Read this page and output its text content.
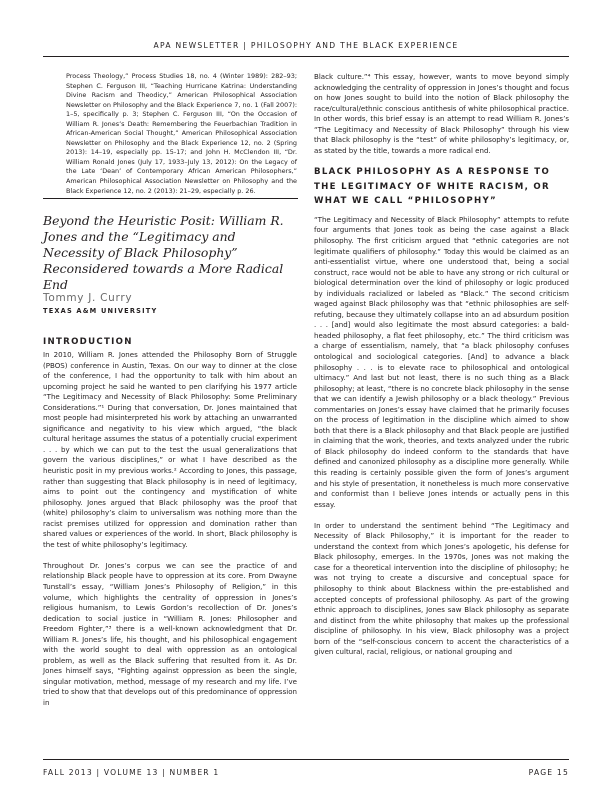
APA NEWSLETTER | PHILOSOPHY AND THE BLACK EXPERIENCE

Process Theology,” Process Studies 18, no. 4 (Winter 1989): 282–93; Stephen C. Ferguson III, “Teaching Hurricane Katrina: Understanding Divine Racism and Theodicy,” American Philosophical Association Newsletter on Philosophy and the Black Experience 7, no. 1 (Fall 2007): 1–5, specifically p. 3; Stephen C. Ferguson III, “On the Occasion of William R. Jones’s Death: Remembering the Feuerbachian Tradition in African-American Social Thought,” American Philosophical Association Newsletter on Philosophy and the Black Experience 12, no. 2 (Spring 2013): 14–19, especially pp. 15-17; and John H. McClendon III, “Dr. William Ronald Jones (July 17, 1933–July 13, 2012): On the Legacy of the Late ‘Dean’ of Contemporary African American Philosophers,” American Philosophical Association Newsletter on Philosophy and the Black Experience 12, no. 2 (2013): 21–29, especially p. 26.

Beyond the Heuristic Posit: William R. Jones and the “Legitimacy and Necessity of Black Philosophy” Reconsidered towards a More Radical End
Tommy J. Curry
TEXAS A&M UNIVERSITY
INTRODUCTION

In 2010, William R. Jones attended the Philosophy Born of Struggle (PBOS) conference in Austin, Texas. On our way to dinner at the close of the conference, I had the opportunity to talk with him about an upcoming project he said he wanted to pen clarifying his 1977 article “The Legitimacy and Necessity of Black Philosophy: Some Preliminary Considerations.”¹ During that conversation, Dr. Jones maintained that most people had misinterpreted his work by attaching an unwarranted significance and negativity to his view which argued, “the black cultural heritage assumes the status of a potentially crucial experiment . . . by which we can put to the test the usual generalizations that govern the various disciplines,” or what I have described as the heuristic posit in my previous works.² According to Jones, this passage, rather than suggesting that Black philosophy is in need of legitimacy, aims to point out the contingency and mystification of white philosophy. Jones argued that Black philosophy was the proof that (white) philosophy’s claim to universalism was nothing more than the racist premises utilized for oppression and domination rather than shared values or experiences of the world. In short, Black philosophy is the test of white philosophy’s legitimacy.

Throughout Dr. Jones’s corpus we can see the practice of and relationship Black people have to oppression at its core. From Dwayne Tunstall’s essay, “William Jones’s Philosophy of Religion,” in this volume, which highlights the centrality of oppression in Jones’s religious humanism, to Lewis Gordon’s recollection of Dr. Jones’s dedication to social justice in “William R. Jones: Philosopher and Freedom Fighter,”³ there is a well-known acknowledgment that Dr. William R. Jones’s life, his thought, and his philosophical engagement with the world sought to deal with oppression as an ontological problem, as well as the Black suffering that resulted from it. As Dr. Jones himself says, “Fighting against oppression as been the single, singular motivation, method, message of my research and my life. I’ve tried to show that that develops out of this predominance of oppression in

Black culture.”⁴ This essay, however, wants to move beyond simply acknowledging the centrality of oppression in Jones’s thought and focus on how Jones sought to build into the notion of Black philosophy the race/cultural/ethnic conscious antithesis of white philosophical practice. In other words, this brief essay is an attempt to read William R. Jones’s “The Legitimacy and Necessity of Black Philosophy” through his view that Black philosophy is the “test” of white philosophy’s legitimacy, or, as stated by the title, towards a more radical end.

BLACK PHILOSOPHY AS A RESPONSE TO THE LEGITIMACY OF WHITE RACISM, OR WHAT WE CALL “PHILOSOPHY”

“The Legitimacy and Necessity of Black Philosophy” attempts to refute four arguments that Jones took as being the case against a Black philosophy. The first criticism argued that “ethnic categories are not legitimate qualifiers of philosophy.” Today this would be claimed as an anti-essentialist virtue, where one understood that, being a social construct, race would not be able to have any strong or rich cultural or biological determination over the kind of philosophy or logic produced by individuals racialized or labeled as “Black.” The second criticism waged against Black philosophy was that “ethnic philosophies are self-refuting, because they ultimately collapse into an ad absurdum position . . . [and] would also legitimate the most absurd categories: a bald-headed philosophy, a flat feet philosophy, etc.” The third criticism was a charge of essentialism, namely, that “a black philosophy confuses ontological and sociological categories. [And] to advance a black philosophy . . . is to elevate race to philosophical and ontological ultimacy.” And last but not least, there is no such thing as a Black philosophy; at least, “there is no concrete black philosophy in the sense that we can identify a Jewish philosophy or a black theology.” Previous commentaries on Jones’s essay have claimed that he primarily focuses on the process of legitimation in the discipline which aimed to show both that there is a Black philosophy and that Black people are justified in claiming that the work, theories, and texts analyzed under the rubric of Black philosophy do indeed conform to the standards that have defined and canonized philosophy as a discipline more generally. While this reading is certainly possible given the form of Jones’s argument and his style of presentation, it nonetheless is much more conservative and conformist than I believe Jones intends or actually pens in this essay.

In order to understand the sentiment behind “The Legitimacy and Necessity of Black Philosophy,” it is important for the reader to understand the context from which Jones’s apologetic, his defense for Black philosophy, emerges. In the 1970s, Jones was not making the case for a theoretical intervention into the discipline of philosophy; he was not trying to create a discursive and conceptual space for philosophy to think about Blackness within the pre-established and accepted concepts of professional philosophy. As part of the growing ethnic approach to disciplines, Jones saw Black philosophy as separate and distinct from the white philosophy that makes up the professional discipline of philosophy. In his view, Black philosophy was a project born of the “self-conscious concern to accent the characteristics of a given cultural, racial, religious, or national grouping and

FALL 2013 | VOLUME 13 | NUMBER 1	PAGE 15
